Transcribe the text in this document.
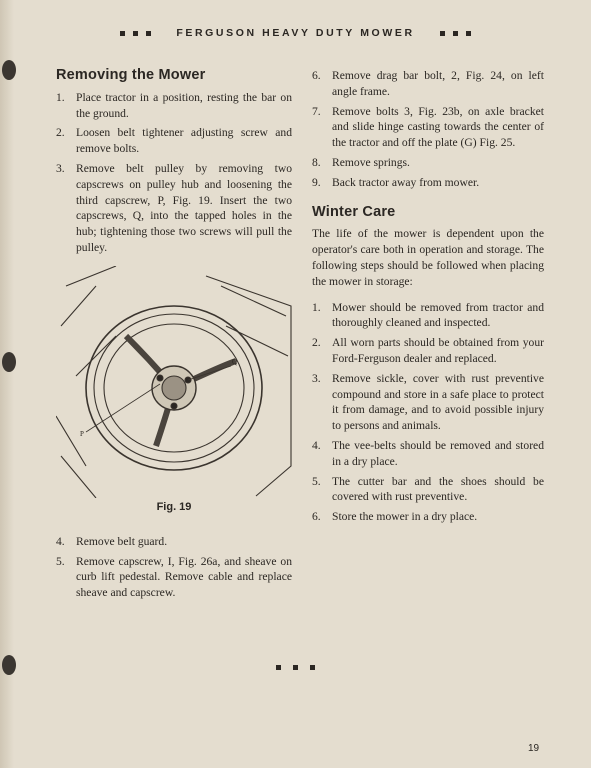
FERGUSON HEAVY DUTY MOWER
Removing the Mower
1. Place tractor in a position, resting the bar on the ground.
2. Loosen belt tightener adjusting screw and remove bolts.
3. Remove belt pulley by removing two capscrews on pulley hub and loosening the third capscrew, P, Fig. 19. Insert the two capscrews, Q, into the tapped holes in the hub; tightening those two screws will pull the pulley.
P
Q
Fig. 19
4. Remove belt guard.
5. Remove capscrew, I, Fig. 26a, and sheave on curb lift pedestal. Remove cable and replace sheave and capscrew.
6. Remove drag bar bolt, 2, Fig. 24, on left angle frame.
7. Remove bolts 3, Fig. 23b, on axle bracket and slide hinge casting towards the center of the tractor and off the plate (G) Fig. 25.
8. Remove springs.
9. Back tractor away from mower.
Winter Care

The life of the mower is dependent upon the operator's care both in operation and storage. The following steps should be followed when placing the mower in storage:

1. Mower should be removed from tractor and thoroughly cleaned and inspected.
2. All worn parts should be obtained from your Ford-Ferguson dealer and replaced.
3. Remove sickle, cover with rust preventive compound and store in a safe place to protect it from damage, and to avoid possible injury to persons and animals.
4. The vee-belts should be removed and stored in a dry place.
5. The cutter bar and the shoes should be covered with rust preventive.
6. Store the mower in a dry place.
19
